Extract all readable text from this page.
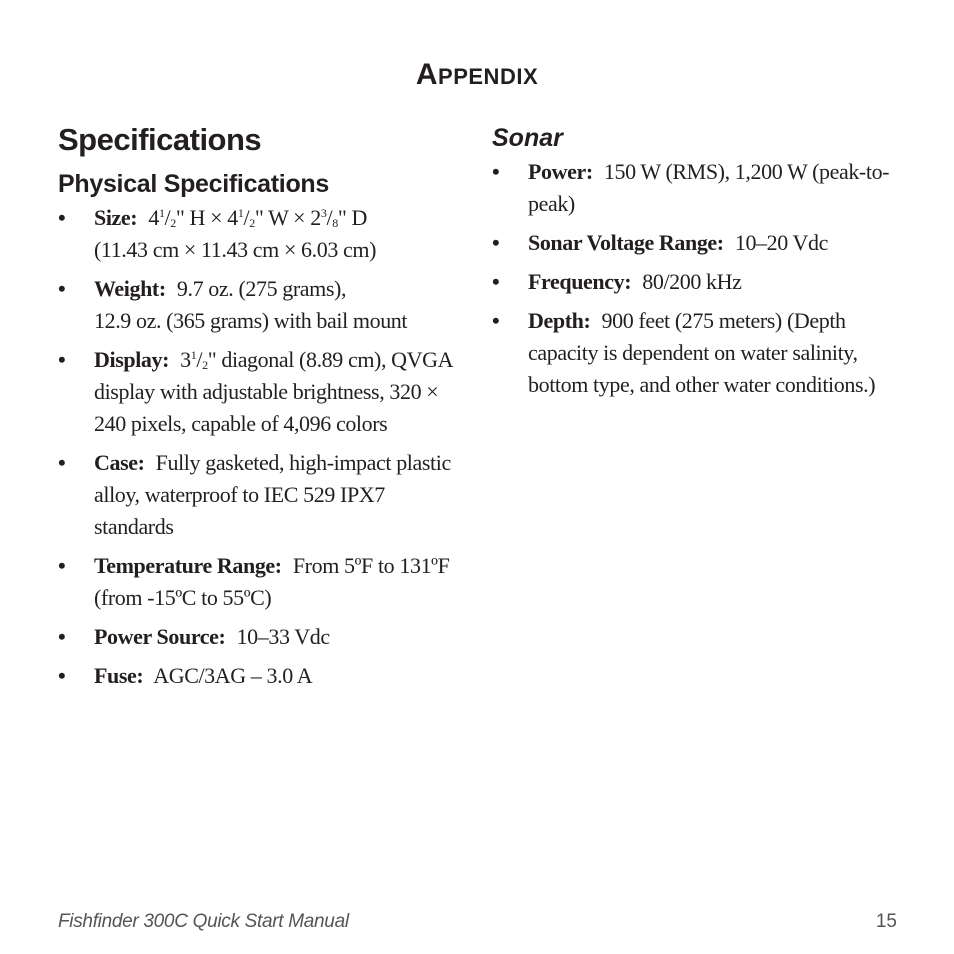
APPENDIX
Specifications
Physical Specifications
• Size: $4^1/_2$" $H \times 4^1/_2$" $W \times 2^3/_8$" D
(11.43 cm × 11.43 cm × 6.03 cm)
• Weight: 9.7 oz. (275 grams),
12.9 oz. (365 grams) with bail mount
• Display: $3^1/_2$" diagonal (8.89 cm), QVGA display with adjustable brightness, 320 × 240 pixels, capable of 4,096 colors
• Case: Fully gasketed, high-impact plastic alloy, waterproof to IEC 529 IPX7 standards
• Temperature Range: From 5ºF to 131ºF (from -15ºC to 55ºC)
• Power Source: 10–33 Vdc
• Fuse: AGC/3AG – 3.0 A
Sonar
• Power: 150 W (RMS), 1,200 W (peak-to-peak)
• Sonar Voltage Range: 10–20 Vdc
• Frequency: 80/200 kHz
• Depth: 900 feet (275 meters) (Depth capacity is dependent on water salinity, bottom type, and other water conditions.)
Fishfinder 300C Quick Start Manual	15
